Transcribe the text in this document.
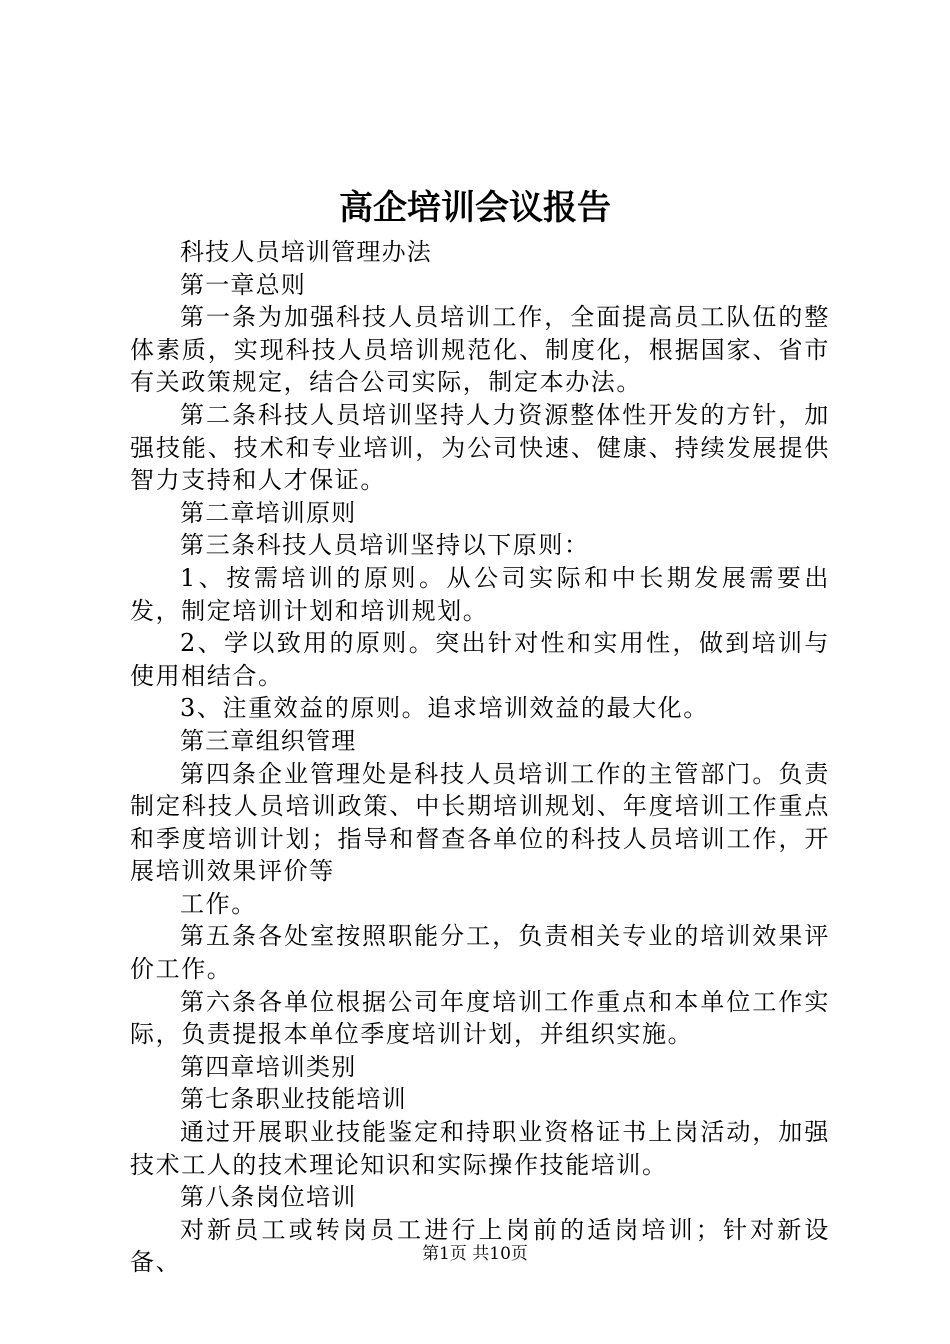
高企培训会议报告

科技人员培训管理办法

第一章总则

第一条为加强科技人员培训工作，全面提高员工队伍的整体素质，实现科技人员培训规范化、制度化，根据国家、省市有关政策规定，结合公司实际，制定本办法。

第二条科技人员培训坚持人力资源整体性开发的方针，加强技能、技术和专业培训，为公司快速、健康、持续发展提供智力支持和人才保证。

第二章培训原则

第三条科技人员培训坚持以下原则：

1、按需培训的原则。从公司实际和中长期发展需要出发，制定培训计划和培训规划。

2、学以致用的原则。突出针对性和实用性，做到培训与使用相结合。

3、注重效益的原则。追求培训效益的最大化。

第三章组织管理

第四条企业管理处是科技人员培训工作的主管部门。负责制定科技人员培训政策、中长期培训规划、年度培训工作重点和季度培训计划；指导和督查各单位的科技人员培训工作，开展培训效果评价等

工作。

第五条各处室按照职能分工，负责相关专业的培训效果评价工作。

第六条各单位根据公司年度培训工作重点和本单位工作实际，负责提报本单位季度培训计划，并组织实施。

第四章培训类别

第七条职业技能培训

通过开展职业技能鉴定和持职业资格证书上岗活动，加强技术工人的技术理论知识和实际操作技能培训。

第八条岗位培训

对新员工或转岗员工进行上岗前的适岗培训；针对新设备、	第1页 共10页
